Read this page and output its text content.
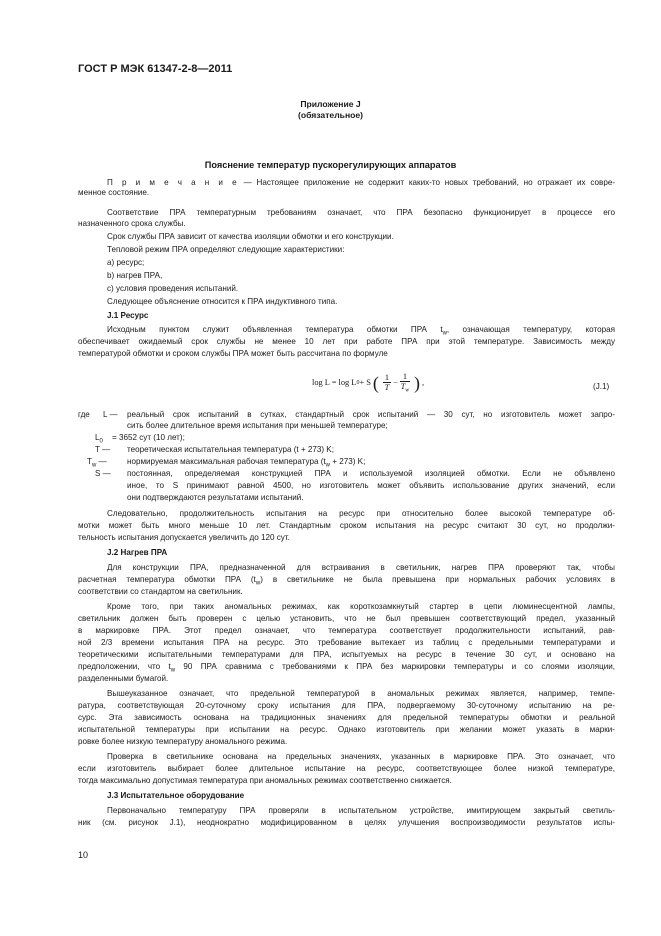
ГОСТ Р МЭК 61347-2-8—2011
Приложение J
(обязательное)
Пояснение температур пускорегулирующих аппаратов
П р и м е ч а н и е — Настоящее приложение не содержит каких-то новых требований, но отражает их совре-
менное состояние.
Соответствие ПРА температурным требованиям означает, что ПРА безопасно функционирует в процессе его
назначенного срока службы.
Срок службы ПРА зависит от качества изоляции обмотки и его конструкции.
Тепловой режим ПРА определяют следующие характеристики:
а) ресурс;
b) нагрев ПРА,
с) условия проведения испытаний.
Следующее объяснение относится к ПРА индуктивного типа.
J.1 Ресурс
Исходным пунктом служит объявленная температура обмотки ПРА $t_w$, означающая температуру, которая
обеспечивает ожидаемый срок службы не менее 10 лет при работе ПРА при этой температуре. Зависимость между
температурой обмотки и сроком службы ПРА может быть рассчитана по формуле
log L = log L 0 + S ( 1
T
− $\frac{1}{T_w}$ ) ,	(J.1)
где L — реальный срок испытаний в сутках, стандартный срок испытаний — 30 сут, но изготовитель может запро-
сить более длительное время испытания при меньшей температуре;
$L_0 = 3652$ сут (10 лет);
T — теоретическая испытательная температура (t + 273) K;
$T_w$ —	нормируемая максимальная рабочая температура $(t_w + 273)$ K;
S — постоянная, определяемая конструкцией ПРА и используемой изоляцией обмотки. Если не объявлено
иное, то S принимают равной 4500, но изготовитель может объявить использование других значений, если
они подтверждаются результатами испытаний.
Следовательно, продолжительность испытания на ресурс при относительно более высокой температуре об-
мотки может быть много меньше 10 лет. Стандартным сроком испытания на ресурс считают 30 сут, но продолжи-
тельность испытания допускается увеличить до 120 сут.
J.2 Нагрев ПРА
Для конструкции ПРА, предназначенной для встраивания в светильник, нагрев ПРА проверяют так, чтобы
расчетная температура обмотки ПРА $(t_w)$ в светильнике не была превышена при нормальных рабочих условиях в
соответствии со стандартом на светильник.
Кроме того, при таких аномальных режимах, как короткозамкнутый стартер в цепи люминесцентной лампы,
светильник должен быть проверен с целью установить, что не был превышен соответствующий предел, указанный
в маркировке ПРА. Этот предел означает, что температура соответствует продолжительности испытаний, рав-
ной 2/3 времени испытания ПРА на ресурс. Это требование вытекает из таблиц с предельными температурами и
теоретическими испытательными температурами для ПРА, испытуемых на ресурс в течение 30 сут, и основано на
предположении, что $t_w$ 90 ПРА сравнима с требованиями к ПРА без маркировки температуры и со слоями изоляции,
разделенными бумагой.
Вышеуказанное означает, что предельной температурой в аномальных режимах является, например, темпе-
ратура, соответствующая 20-суточному сроку испытания для ПРА, подвергаемому 30-суточному испытанию на ре-
сурс. Эта зависимость основана на традиционных значениях для предельной температуры обмотки и реальной
испытательной температуры при испытании на ресурс. Однако изготовитель при желании может указать в марки-
ровке более низкую температуру аномального режима.
Проверка в светильнике основана на предельных значениях, указанных в маркировке ПРА. Это означает, что
если изготовитель выбирает более длительное испытание на ресурс, соответствующее более низкой температуре,
тогда максимально допустимая температура при аномальных режимах соответственно снижается.
J.3 Испытательное оборудование
Первоначально температуру ПРА проверяли в испытательном устройстве, имитирующем закрытый светиль-
ник (см. рисунок J.1), неоднократно модифицированном в целях улучшения воспроизводимости результатов испы-
10
